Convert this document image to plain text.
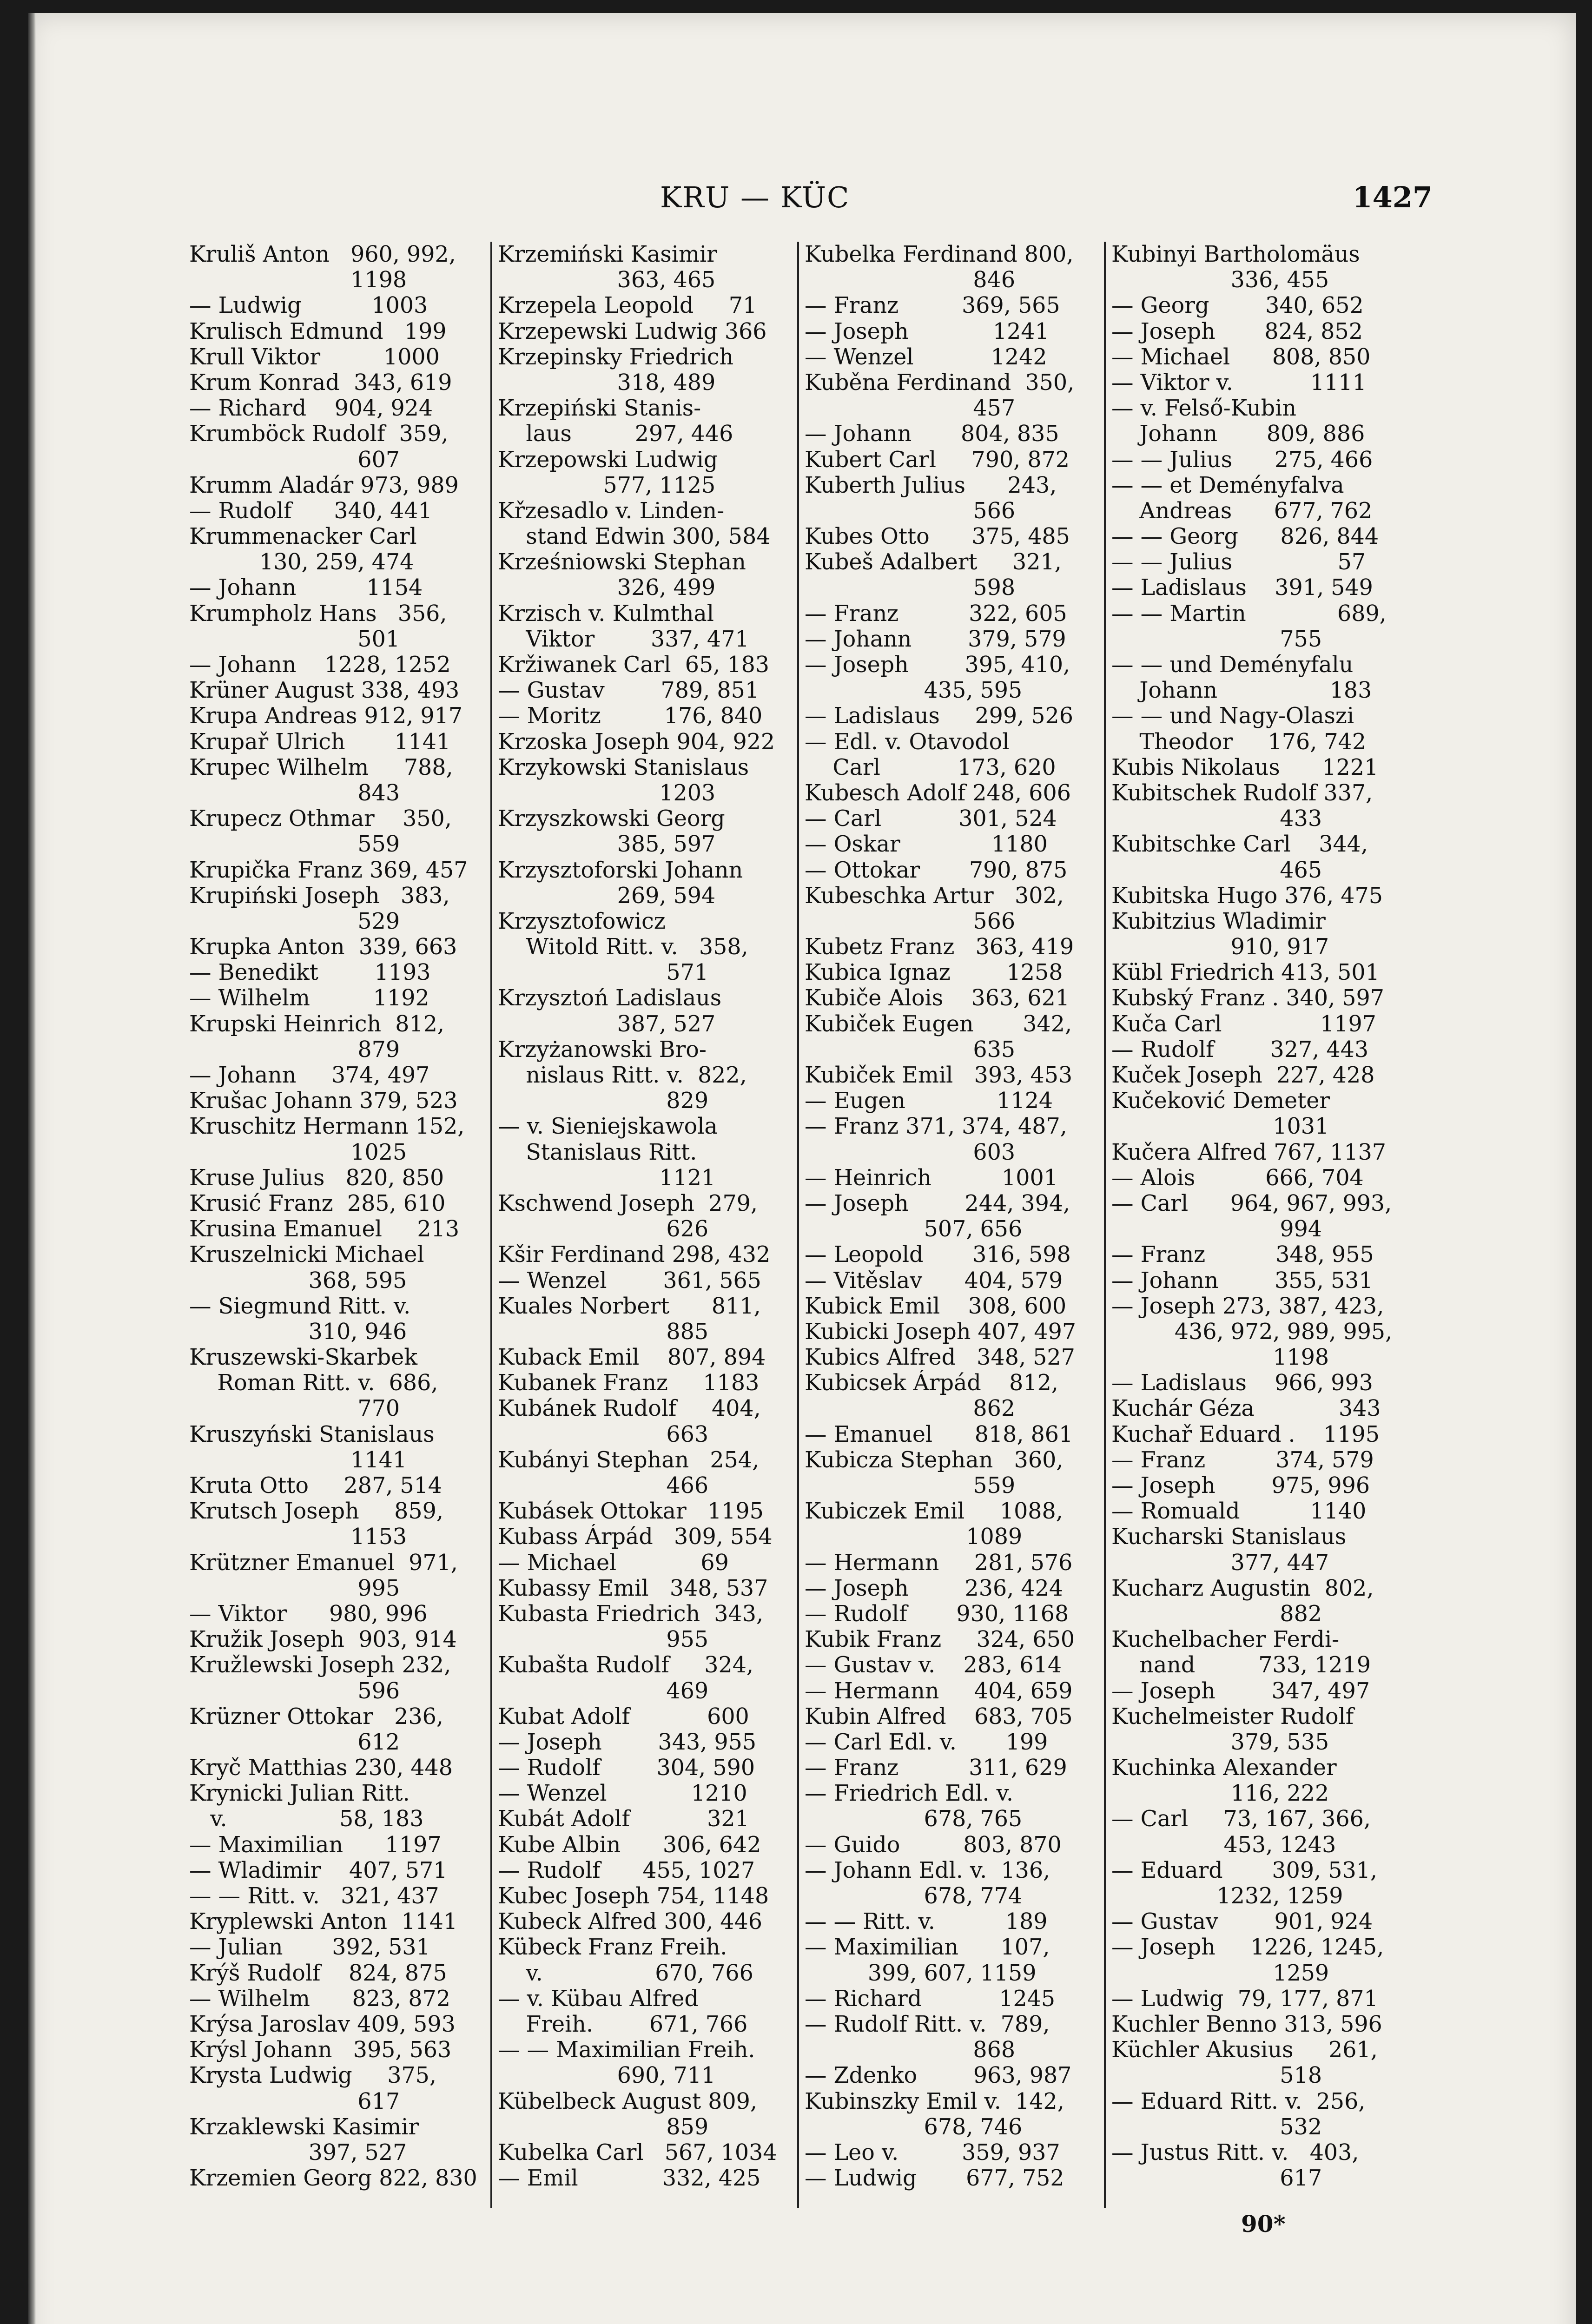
KRU — KÜC	1427
Kruliš Anton   960, 992,
1198
— Ludwig          1003
Krulisch Edmund   199
Krull Viktor         1000
Krum Konrad  343, 619
— Richard    904, 924
Krumböck Rudolf  359,
607
Krumm Aladár 973, 989
— Rudolf      340, 441
Krummenacker Carl
130, 259, 474
— Johann          1154
Krumpholz Hans   356,
501
— Johann    1228, 1252
Krüner August 338, 493
Krupa Andreas 912, 917
Krupař Ulrich       1141
Krupec Wilhelm     788,
843
Krupecz Othmar    350,
559
Krupička Franz 369, 457
Krupiński Joseph   383,
529
Krupka Anton  339, 663
— Benedikt        1193
— Wilhelm         1192
Krupski Heinrich  812,
879
— Johann     374, 497
Krušac Johann 379, 523
Kruschitz Hermann 152,
1025
Kruse Julius   820, 850
Krusić Franz  285, 610
Krusina Emanuel     213
Kruszelnicki Michael
368, 595
— Siegmund Ritt. v.
310, 946
Kruszewski-Skarbek
Roman Ritt. v.  686,
770
Kruszyński Stanislaus
1141
Kruta Otto     287, 514
Krutsch Joseph     859,
1153
Krützner Emanuel  971,
995
— Viktor      980, 996
Kružik Joseph  903, 914
Kružlewski Joseph 232,
596
Krüzner Ottokar   236,
612
Kryč Matthias 230, 448
Krynicki Julian Ritt.
v.                58, 183
— Maximilian      1197
— Wladimir    407, 571
— — Ritt. v.   321, 437
Kryplewski Anton  1141
— Julian       392, 531
Krýš Rudolf    824, 875
— Wilhelm      823, 872
Krýsa Jaroslav 409, 593
Krýsl Johann   395, 563
Krysta Ludwig     375,
617
Krzaklewski Kasimir
397, 527
Krzemien Georg 822, 830
Krzemiński Kasimir
363, 465
Krzepela Leopold     71
Krzepewski Ludwig 366
Krzepinsky Friedrich
318, 489
Krzepiński Stanis-
laus         297, 446
Krzepowski Ludwig
577, 1125
Křzesadlo v. Linden-
stand Edwin 300, 584
Krześniowski Stephan
326, 499
Krzisch v. Kulmthal
Viktor        337, 471
Kržiwanek Carl  65, 183
— Gustav        789, 851
— Moritz         176, 840
Krzoska Joseph 904, 922
Krzykowski Stanislaus
1203
Krzyszkowski Georg
385, 597
Krzysztoforski Johann
269, 594
Krzysztofowicz
Witold Ritt. v.   358,
571
Krzysztoń Ladislaus
387, 527
Krzyżanowski Bro-
nislaus Ritt. v.  822,
829
— v. Sieniejskawola
Stanislaus Ritt.
1121
Kschwend Joseph  279,
626
Kšir Ferdinand 298, 432
— Wenzel        361, 565
Kuales Norbert      811,
885
Kuback Emil    807, 894
Kubanek Franz     1183
Kubánek Rudolf     404,
663
Kubányi Stephan   254,
466
Kubásek Ottokar   1195
Kubass Árpád   309, 554
— Michael            69
Kubassy Emil   348, 537
Kubasta Friedrich  343,
955
Kubašta Rudolf     324,
469
Kubat Adolf           600
— Joseph        343, 955
— Rudolf        304, 590
— Wenzel            1210
Kubát Adolf           321
Kube Albin      306, 642
— Rudolf      455, 1027
Kubec Joseph 754, 1148
Kubeck Alfred 300, 446
Kübeck Franz Freih.
v.                670, 766
— v. Kübau Alfred
Freih.        671, 766
— — Maximilian Freih.
690, 711
Kübelbeck August 809,
859
Kubelka Carl   567, 1034
— Emil            332, 425
Kubelka Ferdinand 800,
846
— Franz         369, 565
— Joseph            1241
— Wenzel           1242
Kuběna Ferdinand  350,
457
— Johann       804, 835
Kubert Carl     790, 872
Kuberth Julius      243,
566
Kubes Otto      375, 485
Kubeš Adalbert     321,
598
— Franz          322, 605
— Johann        379, 579
— Joseph        395, 410,
435, 595
— Ladislaus     299, 526
— Edl. v. Otavodol
Carl           173, 620
Kubesch Adolf 248, 606
— Carl           301, 524
— Oskar             1180
— Ottokar       790, 875
Kubeschka Artur   302,
566
Kubetz Franz   363, 419
Kubica Ignaz        1258
Kubiče Alois    363, 621
Kubiček Eugen       342,
635
Kubiček Emil   393, 453
— Eugen             1124
— Franz 371, 374, 487,
603
— Heinrich          1001
— Joseph        244, 394,
507, 656
— Leopold       316, 598
— Vitěslav      404, 579
Kubick Emil    308, 600
Kubicki Joseph 407, 497
Kubics Alfred   348, 527
Kubicsek Árpád    812,
862
— Emanuel      818, 861
Kubicza Stephan   360,
559
Kubiczek Emil     1088,
1089
— Hermann     281, 576
— Joseph        236, 424
— Rudolf       930, 1168
Kubik Franz     324, 650
— Gustav v.    283, 614
— Hermann     404, 659
Kubin Alfred    683, 705
— Carl Edl. v.       199
— Franz          311, 629
— Friedrich Edl. v.
678, 765
— Guido         803, 870
— Johann Edl. v.  136,
678, 774
— — Ritt. v.          189
— Maximilian      107,
399, 607, 1159
— Richard           1245
— Rudolf Ritt. v.  789,
868
— Zdenko        963, 987
Kubinszky Emil v.  142,
678, 746
— Leo v.         359, 937
— Ludwig       677, 752
Kubinyi Bartholomäus
336, 455
— Georg        340, 652
— Joseph       824, 852
— Michael      808, 850
— Viktor v.           1111
— v. Felső-Kubin
Johann       809, 886
— — Julius      275, 466
— — et Deményfalva
Andreas      677, 762
— — Georg      826, 844
— — Julius               57
— Ladislaus    391, 549
— — Martin             689,
755
— — und Deményfalu
Johann                183
— — und Nagy-Olaszi
Theodor     176, 742
Kubis Nikolaus      1221
Kubitschek Rudolf 337,
433
Kubitschke Carl    344,
465
Kubitska Hugo 376, 475
Kubitzius Wladimir
910, 917
Kübl Friedrich 413, 501
Kubský Franz . 340, 597
Kuča Carl              1197
— Rudolf        327, 443
Kuček Joseph  227, 428
Kučeković Demeter
1031
Kučera Alfred 767, 1137
— Alois          666, 704
— Carl      964, 967, 993,
994
— Franz          348, 955
— Johann        355, 531
— Joseph 273, 387, 423,
436, 972, 989, 995,
1198
— Ladislaus    966, 993
Kuchár Géza            343
Kuchař Eduard .    1195
— Franz          374, 579
— Joseph        975, 996
— Romuald          1140
Kucharski Stanislaus
377, 447
Kucharz Augustin  802,
882
Kuchelbacher Ferdi-
nand         733, 1219
— Joseph        347, 497
Kuchelmeister Rudolf
379, 535
Kuchinka Alexander
116, 222
— Carl     73, 167, 366,
453, 1243
— Eduard       309, 531,
1232, 1259
— Gustav        901, 924
— Joseph     1226, 1245,
1259
— Ludwig  79, 177, 871
Kuchler Benno 313, 596
Küchler Akusius     261,
518
— Eduard Ritt. v.  256,
532
— Justus Ritt. v.   403,
617
90*
